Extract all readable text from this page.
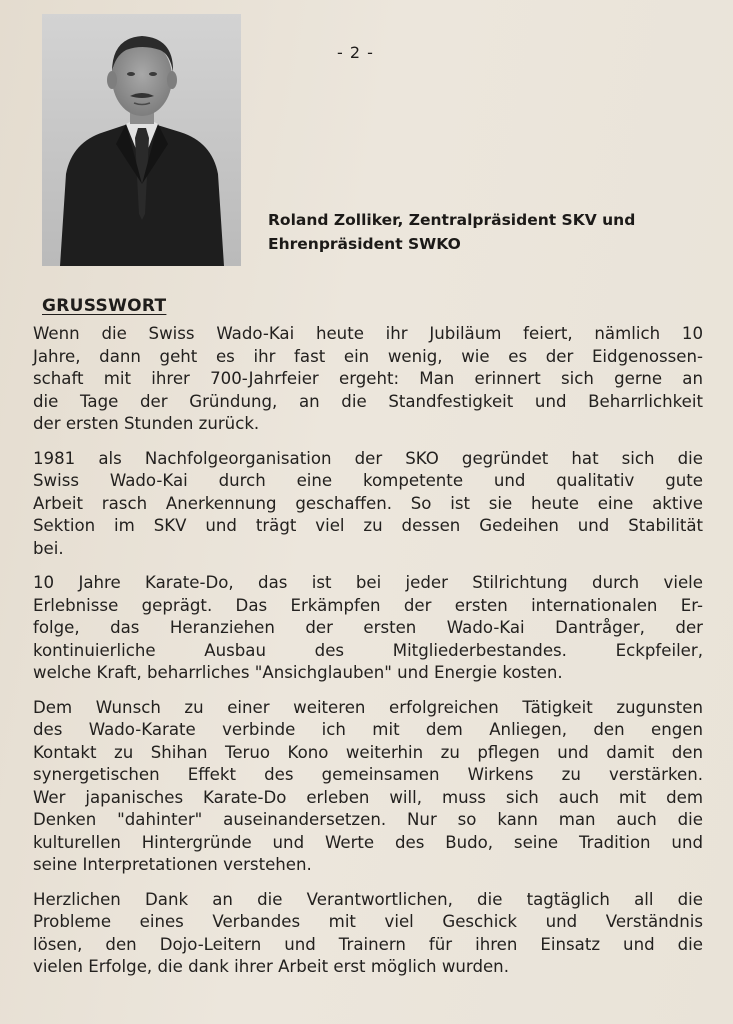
- 2 -
Roland Zolliker, Zentralpräsident SKV und
Ehrenpräsident SWKO
GRUSSWORT

Wenn die Swiss Wado-Kai heute ihr Jubiläum feiert, nämlich 10
Jahre, dann geht es ihr fast ein wenig, wie es der Eidgenossen-
schaft mit ihrer 700-Jahrfeier ergeht: Man erinnert sich gerne an
die Tage der Gründung, an die Standfestigkeit und Beharrlichkeit
der ersten Stunden zurück.

1981 als Nachfolgeorganisation der SKO gegründet hat sich die
Swiss Wado-Kai durch eine kompetente und qualitativ gute
Arbeit rasch Anerkennung geschaffen. So ist sie heute eine aktive
Sektion im SKV und trägt viel zu dessen Gedeihen und Stabilität
bei.

10 Jahre Karate-Do, das ist bei jeder Stilrichtung durch viele
Erlebnisse geprägt. Das Erkämpfen der ersten internationalen Er-
folge, das Heranziehen der ersten Wado-Kai Dantråger, der
kontinuierliche Ausbau des Mitgliederbestandes. Eckpfeiler,
welche Kraft, beharrliches "Ansichglauben" und Energie kosten.

Dem Wunsch zu einer weiteren erfolgreichen Tätigkeit zugunsten
des Wado-Karate verbinde ich mit dem Anliegen, den engen
Kontakt zu Shihan Teruo Kono weiterhin zu pflegen und damit den
synergetischen Effekt des gemeinsamen Wirkens zu verstärken.
Wer japanisches Karate-Do erleben will, muss sich auch mit dem
Denken "dahinter" auseinandersetzen. Nur so kann man auch die
kulturellen Hintergründe und Werte des Budo, seine Tradition und
seine Interpretationen verstehen.

Herzlichen Dank an die Verantwortlichen, die tagtäglich all die
Probleme eines Verbandes mit viel Geschick und Verständnis
lösen, den Dojo-Leitern und Trainern für ihren Einsatz und die
vielen Erfolge, die dank ihrer Arbeit erst möglich wurden.
